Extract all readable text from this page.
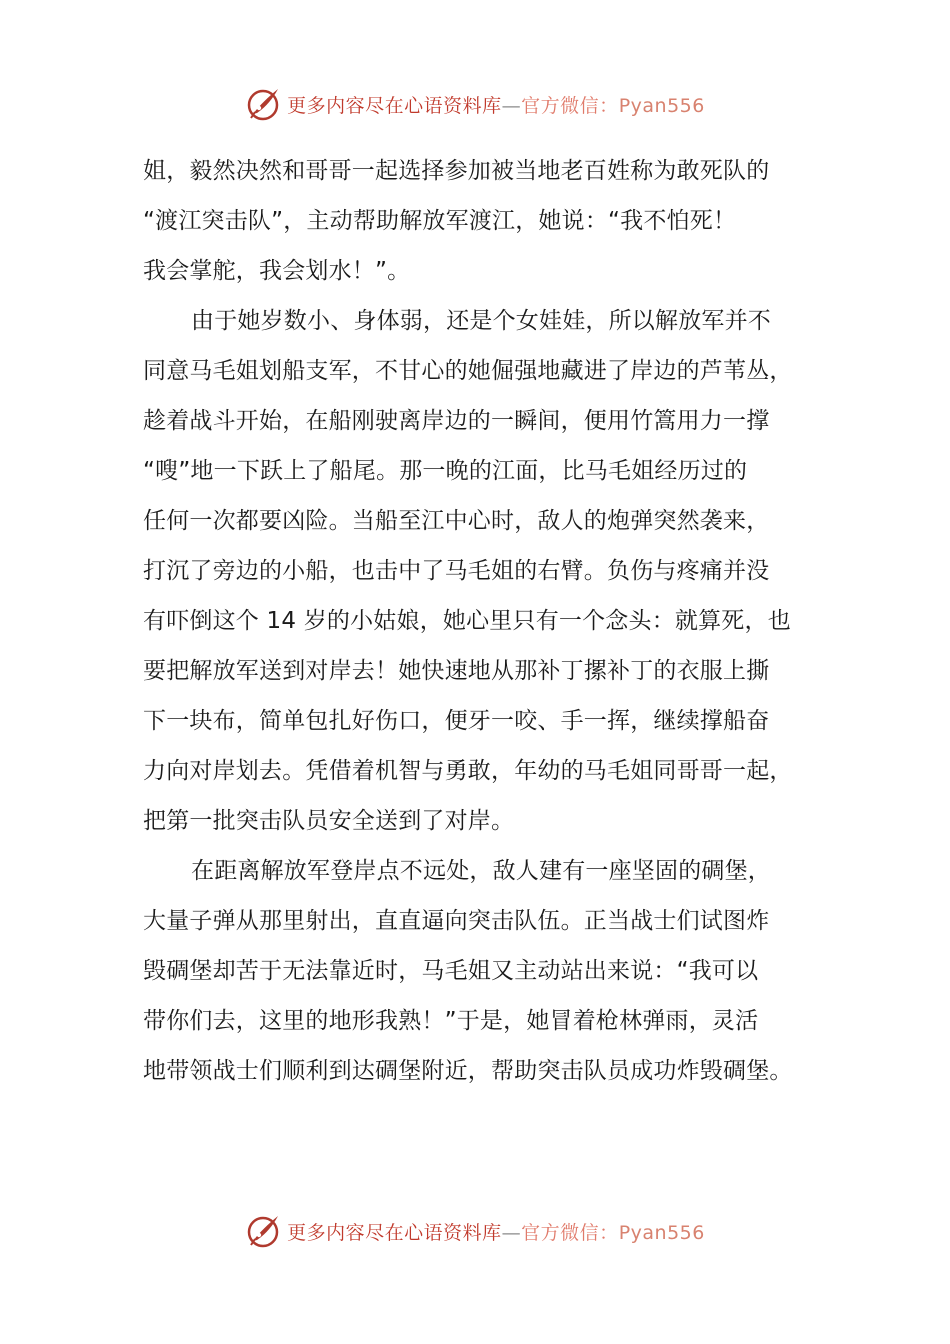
更多内容尽在心语资料库—官方微信：Pyan556
姐，毅然决然和哥哥一起选择参加被当地老百姓称为敢死队的
“渡江突击队”，主动帮助解放军渡江，她说：“我不怕死！
我会掌舵，我会划水！”。
由于她岁数小、身体弱，还是个女娃娃，所以解放军并不
同意马毛姐划船支军，不甘心的她倔强地藏进了岸边的芦苇丛，
趁着战斗开始，在船刚驶离岸边的一瞬间，便用竹篙用力一撑
“嗖”地一下跃上了船尾。那一晚的江面，比马毛姐经历过的
任何一次都要凶险。当船至江中心时，敌人的炮弹突然袭来，
打沉了旁边的小船，也击中了马毛姐的右臂。负伤与疼痛并没
有吓倒这个 14 岁的小姑娘，她心里只有一个念头：就算死，也
要把解放军送到对岸去！她快速地从那补丁摞补丁的衣服上撕
下一块布，简单包扎好伤口，便牙一咬、手一挥，继续撑船奋
力向对岸划去。凭借着机智与勇敢，年幼的马毛姐同哥哥一起，
把第一批突击队员安全送到了对岸。
在距离解放军登岸点不远处，敌人建有一座坚固的碉堡，
大量子弹从那里射出，直直逼向突击队伍。正当战士们试图炸
毁碉堡却苦于无法靠近时，马毛姐又主动站出来说：“我可以
带你们去，这里的地形我熟！”于是，她冒着枪林弹雨，灵活
地带领战士们顺利到达碉堡附近，帮助突击队员成功炸毁碉堡。
更多内容尽在心语资料库—官方微信：Pyan556
